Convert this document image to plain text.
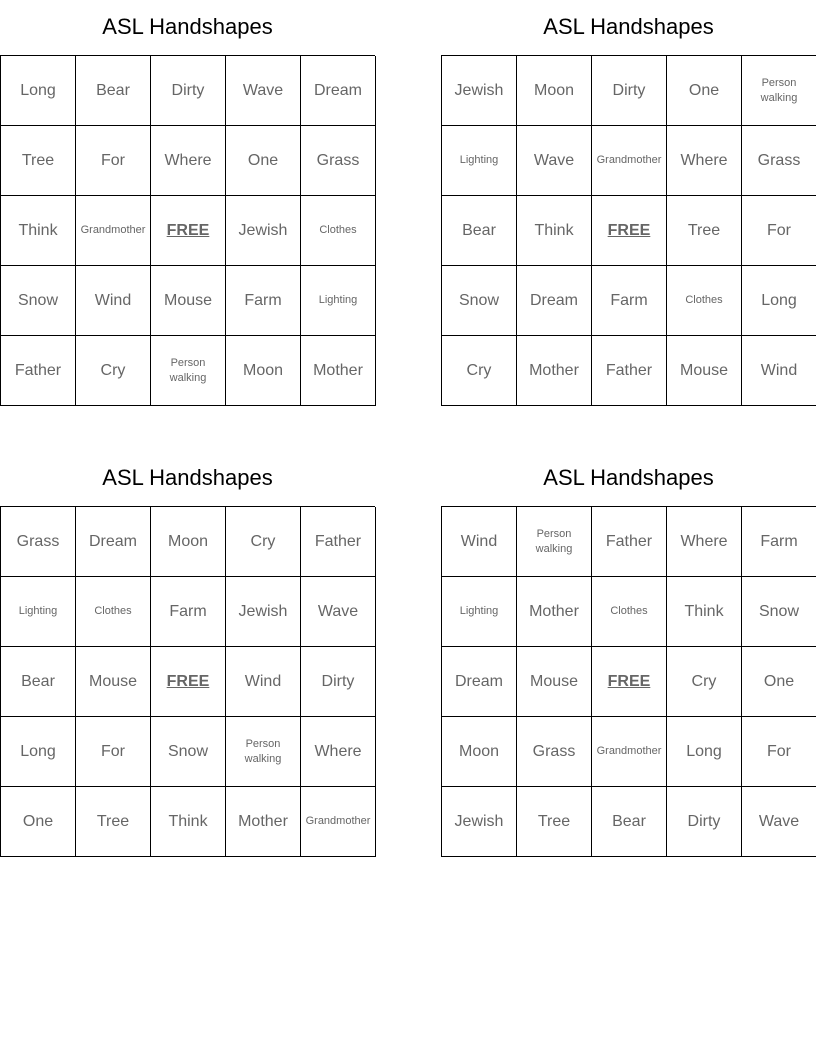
ASL Handshapes
Long	Bear	Dirty	Wave	Dream
Tree	For	Where	One	Grass
Think	Grandmother	FREE	Jewish	Clothes
Snow	Wind	Mouse	Farm	Lighting
Father	Cry	Person walking	Moon	Mother
ASL Handshapes
Jewish	Moon	Dirty	One	Person walking
Lighting	Wave	Grandmother	Where	Grass
Bear	Think	FREE	Tree	For
Snow	Dream	Farm	Clothes	Long
Cry	Mother	Father	Mouse	Wind
ASL Handshapes
Grass	Dream	Moon	Cry	Father
Lighting	Clothes	Farm	Jewish	Wave
Bear	Mouse	FREE	Wind	Dirty
Long	For	Snow	Person walking	Where
One	Tree	Think	Mother	Grandmother
ASL Handshapes
Wind	Person walking	Father	Where	Farm
Lighting	Mother	Clothes	Think	Snow
Dream	Mouse	FREE	Cry	One
Moon	Grass	Grandmother	Long	For
Jewish	Tree	Bear	Dirty	Wave
